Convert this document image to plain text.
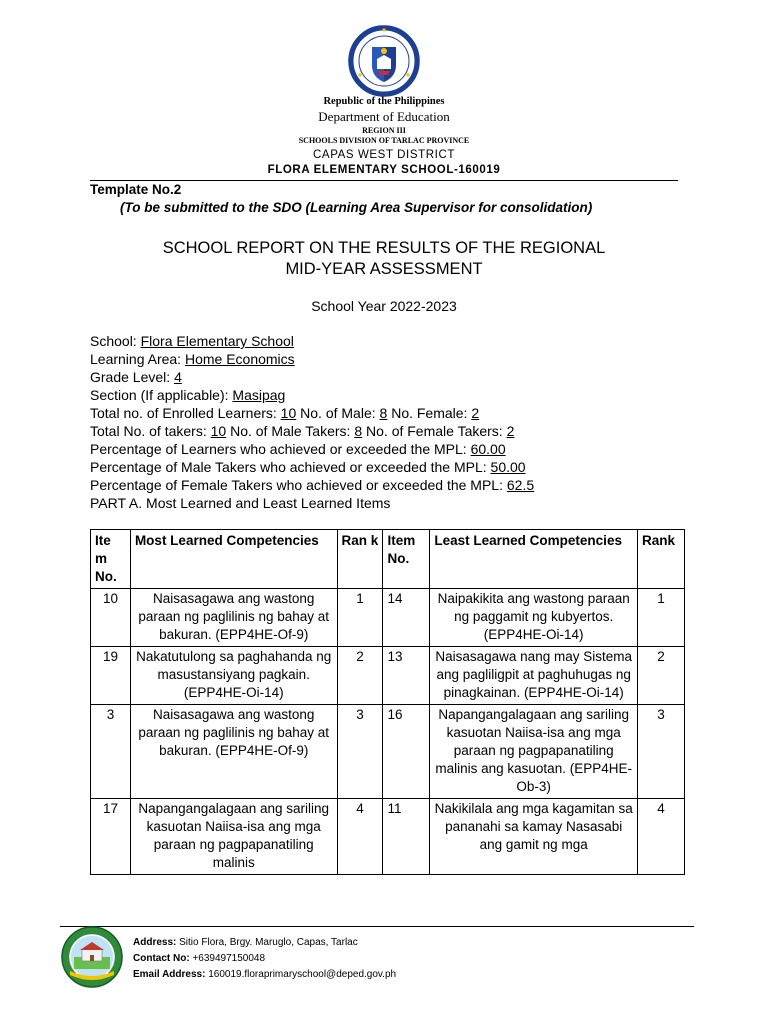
Republic of the Philippines
Department of Education
REGION III
SCHOOLS DIVISION OF TARLAC PROVINCE
CAPAS WEST DISTRICT
FLORA ELEMENTARY SCHOOL-160019
Template No.2
(To be submitted to the SDO (Learning Area Supervisor for consolidation)
SCHOOL REPORT ON THE RESULTS OF THE REGIONAL
MID-YEAR ASSESSMENT
School Year 2022-2023
School: Flora Elementary School
Learning Area: Home Economics
Grade Level: 4
Section (If applicable): Masipag
Total no. of Enrolled Learners: 10 No. of Male: 8 No. Female: 2
Total No. of takers: 10 No. of Male Takers: 8 No. of Female Takers: 2
Percentage of Learners who achieved or exceeded the MPL: 60.00
Percentage of Male Takers who achieved or exceeded the MPL: 50.00
Percentage of Female Takers who achieved or exceeded the MPL: 62.5
PART A. Most Learned and Least Learned Items
Ite m No.	Most Learned Competencies	Ran k	Item No.	Least Learned Competencies	Rank
10	Naisasagawa ang wastong paraan ng paglilinis ng bahay at bakuran. (EPP4HE-Of-9)	1	14	Naipakikita ang wastong paraan ng paggamit ng kubyertos. (EPP4HE-Oi-14)	1
19	Nakatutulong sa paghahanda ng masustansiyang pagkain. (EPP4HE-Oi-14)	2	13	Naisasagawa nang may Sistema ang pagliligpit at paghuhugas ng pinagkainan. (EPP4HE-Oi-14)	2
3	Naisasagawa ang wastong paraan ng paglilinis ng bahay at bakuran. (EPP4HE-Of-9)	3	16	Napangangalagaan ang sariling kasuotan Naiisa-isa ang mga paraan ng pagpapanatiling malinis ang kasuotan. (EPP4HE-Ob-3)	3
17	Napangangalagaan ang sariling kasuotan Naiisa-isa ang mga paraan ng pagpapanatiling malinis	4	11	Nakikilala ang mga kagamitan sa pananahi sa kamay Nasasabi ang gamit ng mga	4
Address: Sitio Flora, Brgy. Maruglo, Capas, Tarlac
Contact No: +639497150048
Email Address: 160019.floraprimaryschool@deped.gov.ph
